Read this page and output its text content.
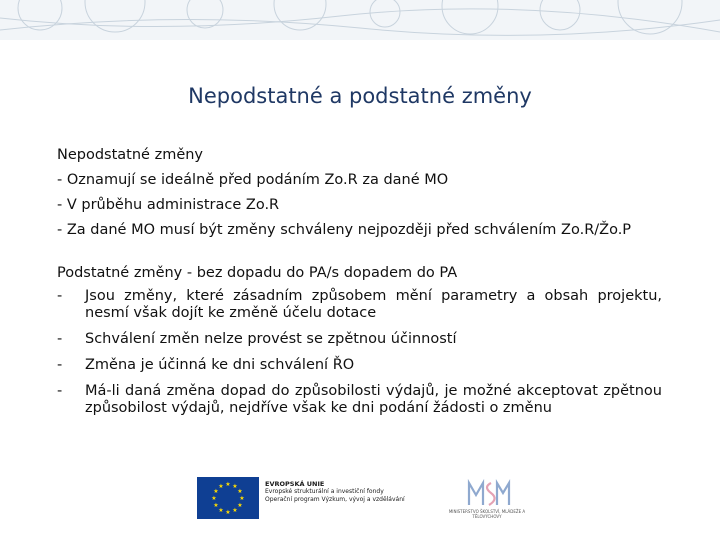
Nepodstatné a podstatné změny

Nepodstatné změny

- Oznamují se ideálně před podáním Zo.R za dané MO

- V průběhu administrace Zo.R

- Za dané MO musí být změny schváleny nejpozději před schválením Zo.R/Žo.P

Podstatné změny - bez dopadu do PA/s dopadem do PA

- Jsou změny, které zásadním způsobem mění parametry a obsah projektu, nesmí však dojít ke změně účelu dotace
- Schválení změn nelze provést se zpětnou účinností
- Změna je účinná ke dni schválení ŘO
- Má-li daná změna dopad do způsobilosti výdajů, je možné akceptovat zpětnou způsobilost výdajů, nejdříve však ke dni podání žádosti o změnu
★ ★
★
★
★
★
★
★
★
★
★
★	EVROPSKÁ UNIE
Evropské strukturální a investiční fondy
Operační program Výzkum, vývoj a vzdělávání
MINISTERSTVO ŠKOLSTVÍ, MLÁDEŽE A TĚLOVÝCHOVY
